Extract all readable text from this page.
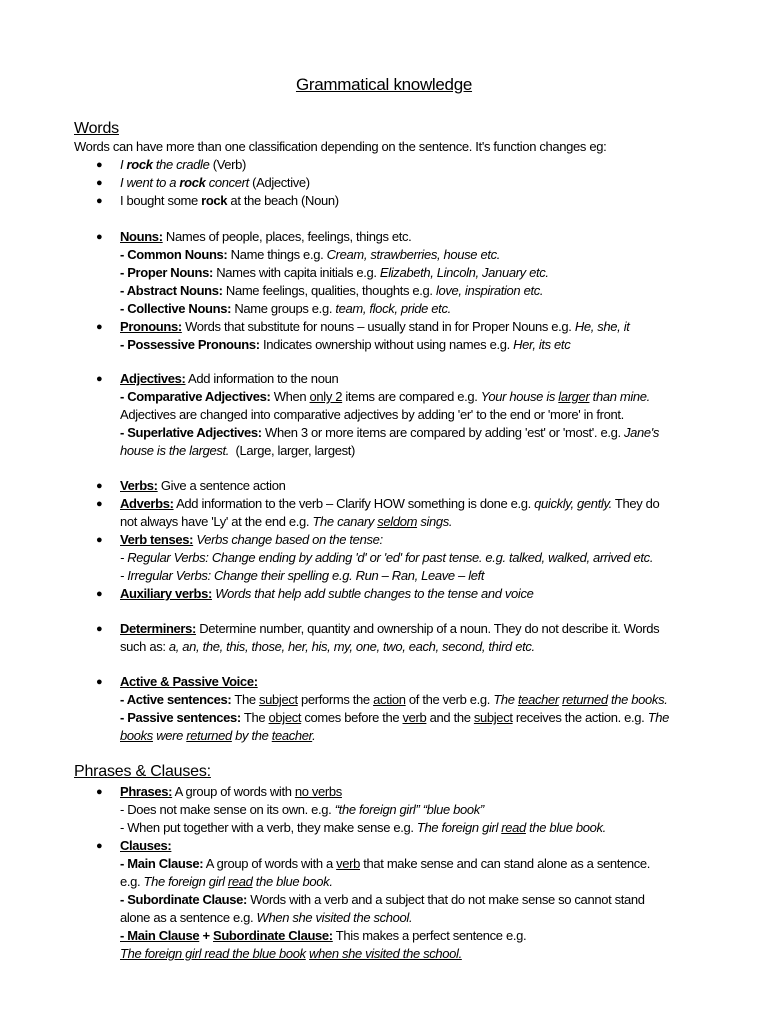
Grammatical knowledge
Words
Words can have more than one classification depending on the sentence. It's function changes eg:
● I rock the cradle (Verb)
● I went to a rock concert (Adjective)
● I bought some rock at the beach (Noun)
● Nouns: Names of people, places, feelings, things etc.
- Common Nouns: Name things e.g. Cream, strawberries, house etc.
- Proper Nouns: Names with capita initials e.g. Elizabeth, Lincoln, January etc.
- Abstract Nouns: Name feelings, qualities, thoughts e.g. love, inspiration etc.
- Collective Nouns: Name groups e.g. team, flock, pride etc.
● Pronouns: Words that substitute for nouns – usually stand in for Proper Nouns e.g. He, she, it
- Possessive Pronouns: Indicates ownership without using names e.g. Her, its etc
● Adjectives: Add information to the noun
- Comparative Adjectives: When only 2 items are compared e.g. Your house is larger than mine.
Adjectives are changed into comparative adjectives by adding 'er' to the end or 'more' in front.
- Superlative Adjectives: When 3 or more items are compared by adding 'est' or 'most'. e.g. Jane's
house is the largest.  (Large, larger, largest)
● Verbs: Give a sentence action
● Adverbs: Add information to the verb – Clarify HOW something is done e.g. quickly, gently. They do
not always have 'Ly' at the end e.g. The canary seldom sings.
● Verb tenses: Verbs change based on the tense:
- Regular Verbs: Change ending by adding 'd' or 'ed' for past tense. e.g. talked, walked, arrived etc.
- Irregular Verbs: Change their spelling e.g. Run – Ran, Leave – left
● Auxiliary verbs: Words that help add subtle changes to the tense and voice
● Determiners: Determine number, quantity and ownership of a noun. They do not describe it. Words
such as: a, an, the, this, those, her, his, my, one, two, each, second, third etc.
● Active & Passive Voice:
- Active sentences: The subject performs the action of the verb e.g. The teacher returned the books.
- Passive sentences: The object comes before the verb and the subject receives the action. e.g. The
books were returned by the teacher.
Phrases & Clauses:
● Phrases: A group of words with no verbs
- Does not make sense on its own. e.g. “the foreign girl” “blue book”
- When put together with a verb, they make sense e.g. The foreign girl read the blue book.
● Clauses:
- Main Clause: A group of words with a verb that make sense and can stand alone as a sentence.
e.g. The foreign girl read the blue book.
- Subordinate Clause: Words with a verb and a subject that do not make sense so cannot stand
alone as a sentence e.g. When she visited the school.
- Main Clause + Subordinate Clause: This makes a perfect sentence e.g.
The foreign girl read the blue book when she visited the school.
